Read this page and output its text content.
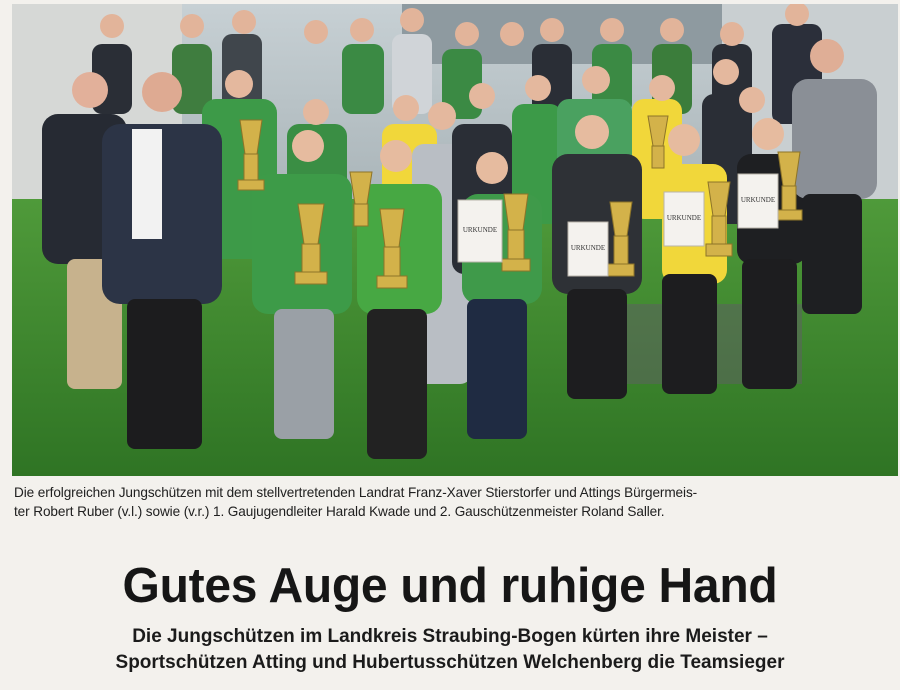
URKUNDE
URKUNDE
URKUNDE
URKUNDE
Die erfolgreichen Jungschützen mit dem stellvertretenden Landrat Franz-Xaver Stierstorfer und Attings Bürgermeis-
ter Robert Ruber (v.l.) sowie (v.r.) 1. Gaujugendleiter Harald Kwade und 2. Gauschützenmeister Roland Saller.
Gutes Auge und ruhige Hand
Die Jungschützen im Landkreis Straubing-Bogen kürten ihre Meister –
Sportschützen Atting und Hubertusschützen Welchenberg die Teamsieger
